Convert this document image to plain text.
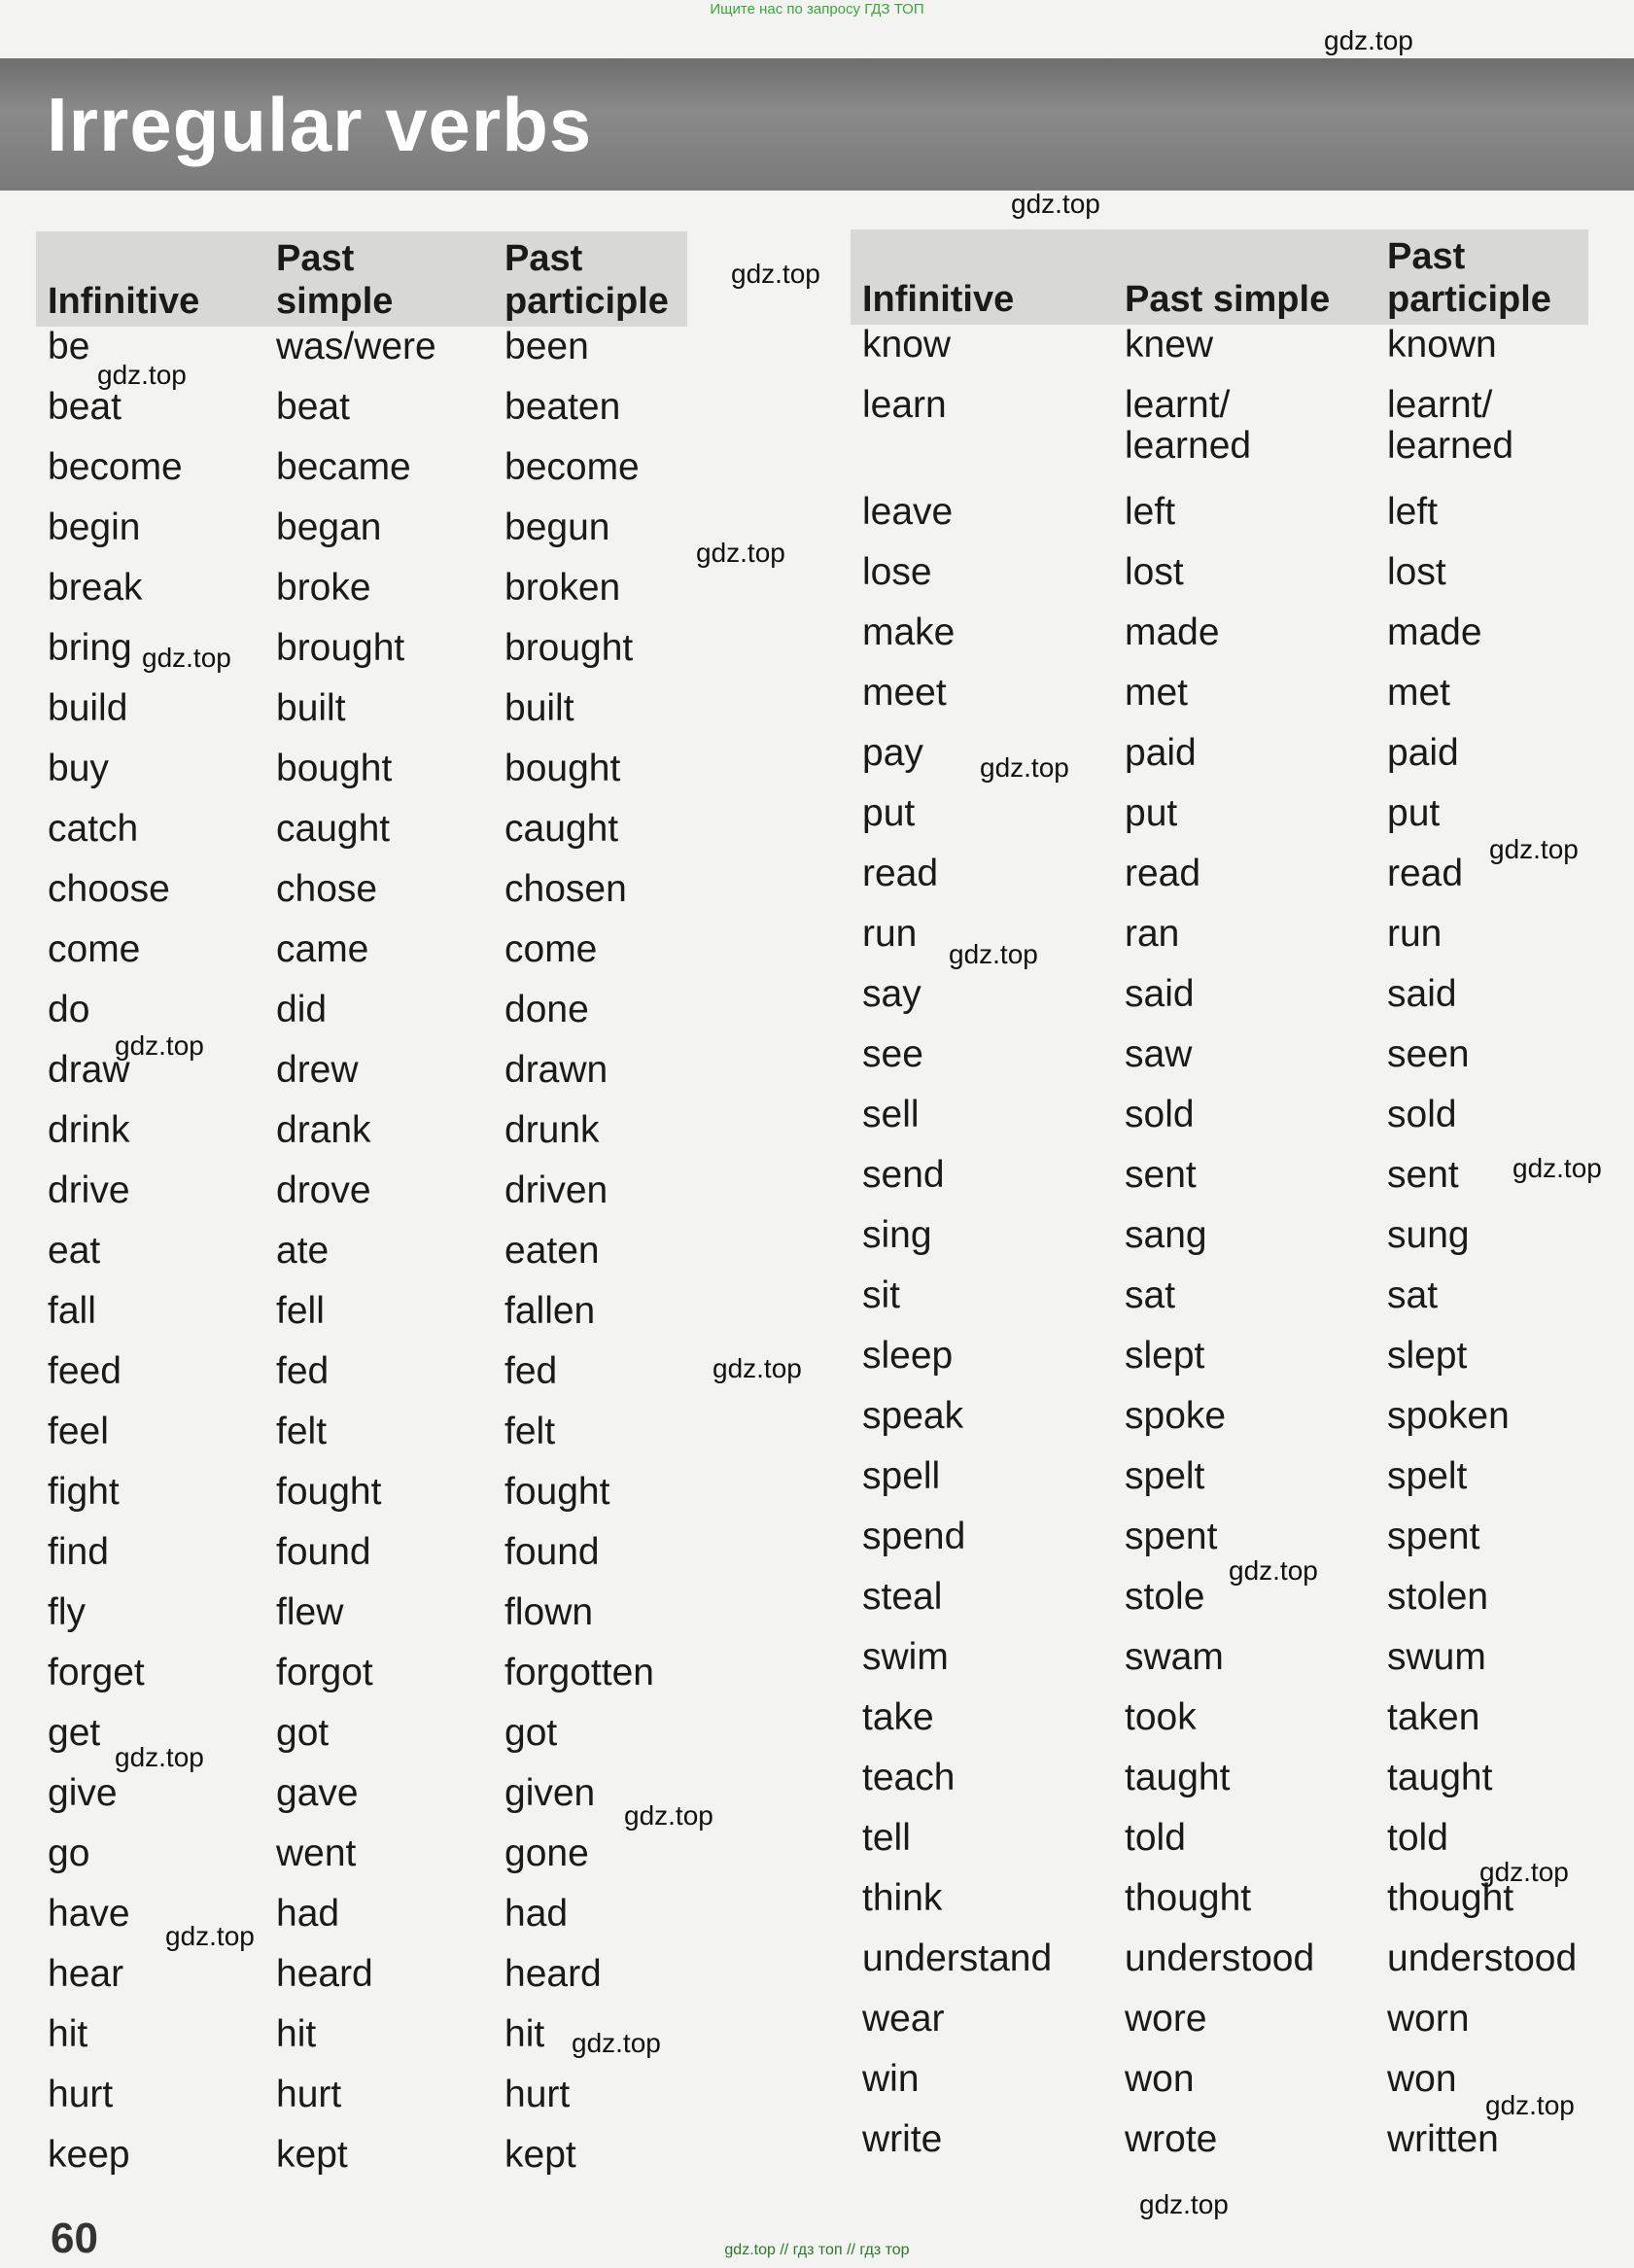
Ищите нас по запросу ГДЗ ТОП
Irregular verbs
gdz.top
gdz.top
gdz.top
gdz.top
gdz.top
gdz.top
gdz.top
gdz.top
gdz.top
gdz.top
gdz.top
gdz.top
gdz.top
gdz.top
gdz.top
gdz.top
gdz.top
gdz.top
gdz.top
gdz.top
Infinitive	Past simple	Past participle
be	was/were	been
beat	beat	beaten
become	became	become
begin	began	begun
break	broke	broken
bring	brought	brought
build	built	built
buy	bought	bought
catch	caught	caught
choose	chose	chosen
come	came	come
do	did	done
draw	drew	drawn
drink	drank	drunk
drive	drove	driven
eat	ate	eaten
fall	fell	fallen
feed	fed	fed
feel	felt	felt
fight	fought	fought
find	found	found
fly	flew	flown
forget	forgot	forgotten
get	got	got
give	gave	given
go	went	gone
have	had	had
hear	heard	heard
hit	hit	hit
hurt	hurt	hurt
keep	kept	kept
Infinitive	Past simple	Past participle
know	knew	known
learn	learnt/ learned	learnt/ learned
leave	left	left
lose	lost	lost
make	made	made
meet	met	met
pay	paid	paid
put	put	put
read	read	read
run	ran	run
say	said	said
see	saw	seen
sell	sold	sold
send	sent	sent
sing	sang	sung
sit	sat	sat
sleep	slept	slept
speak	spoke	spoken
spell	spelt	spelt
spend	spent	spent
steal	stole	stolen
swim	swam	swum
take	took	taken
teach	taught	taught
tell	told	told
think	thought	thought
understand	understood	understood
wear	wore	worn
win	won	won
write	wrote	written
60	gdz.top // гдз топ // гдз тор
